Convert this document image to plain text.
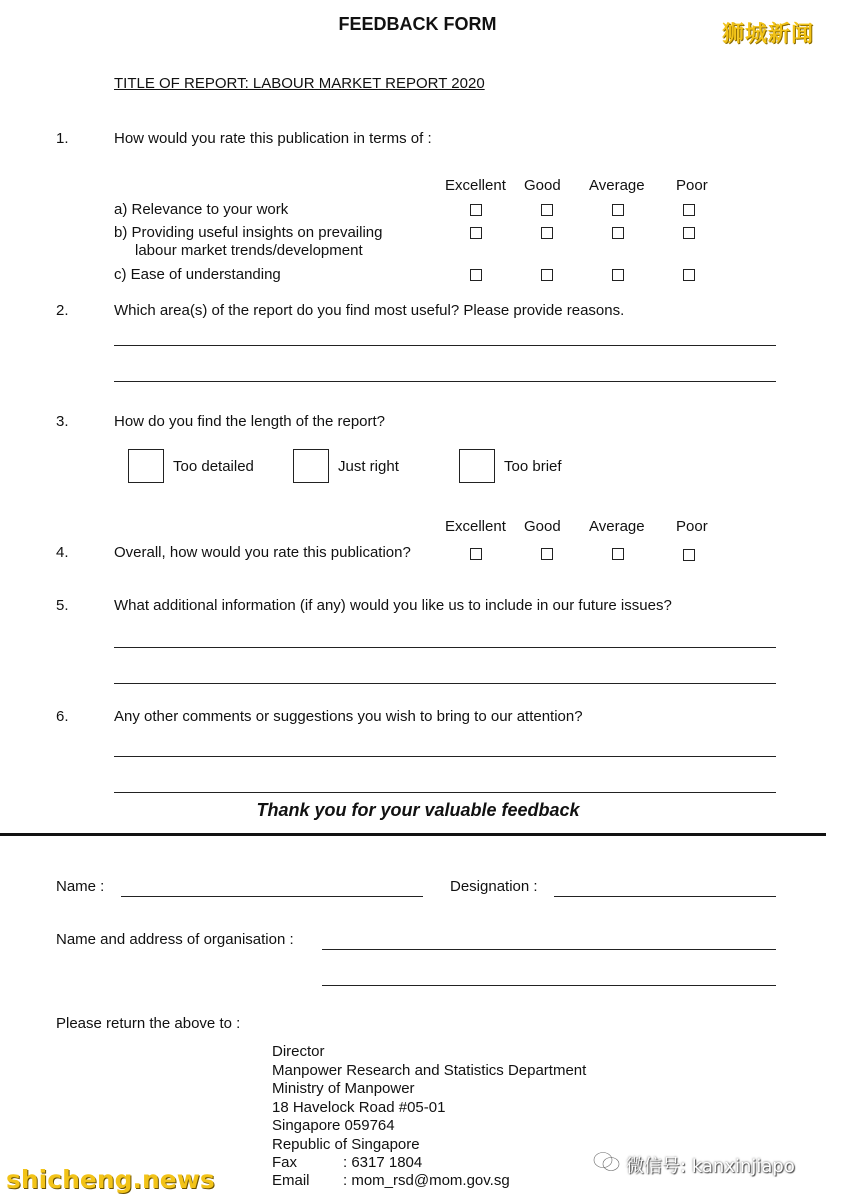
FEEDBACK FORM
TITLE OF REPORT: LABOUR MARKET REPORT 2020
1.	How would you rate this publication in terms of :
Excellent Good Average Poor
a) Relevance to your work
b) Providing useful insights on prevailing
labour market trends/development
c) Ease of understanding
2.	Which area(s) of the report do you find most useful? Please provide reasons.
3.	How do you find the length of the report?
Too detailed	Just right	Too brief
Excellent Good Average Poor
4.	Overall, how would you rate this publication?
5.	What additional information (if any) would you like us to include in our future issues?
6.	Any other comments or suggestions you wish to bring to our attention?
Thank you for your valuable feedback
Name :	Designation :
Name and address of organisation :
Please return the above to :
Director
Manpower Research and Statistics Department
Ministry of Manpower
18 Havelock Road #05-01
Singapore 059764
Republic of Singapore
Fax	: 6317 1804
Email : mom_rsd@mom.gov.sg
狮城新闻
shicheng.news	微信号: kanxinjiapo
